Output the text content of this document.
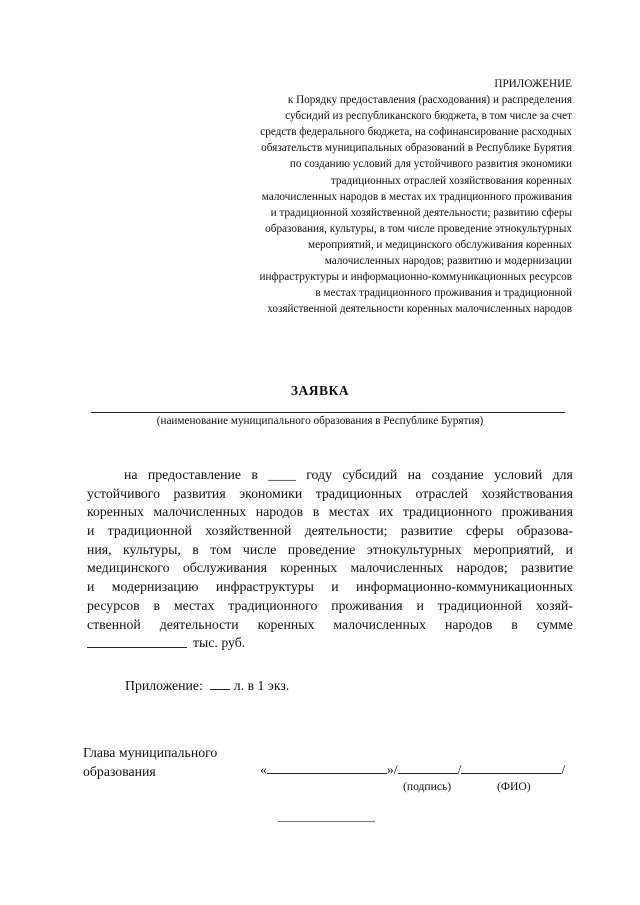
ПРИЛОЖЕНИЕ
к Порядку предоставления (расходования) и распределения
субсидий из республиканского бюджета, в том числе за счет
средств федерального бюджета, на софинансирование расходных
обязательств муниципальных образований в Республике Бурятия
по созданию условий для устойчивого развития экономики
традиционных отраслей хозяйствования коренных
малочисленных народов в местах их традиционного проживания
и традиционной хозяйственной деятельности; развитию сферы
образования, культуры, в том числе проведение этнокультурных
мероприятий, и медицинского обслуживания коренных
малочисленных народов; развитию и модернизации
инфраструктуры и информационно-коммуникационных ресурсов
в местах традиционного проживания и традиционной
хозяйственной деятельности коренных малочисленных народов
ЗАЯВКА
(наименование муниципального образования в Республике Бурятия)
на предоставление в ____ году субсидий на создание условий для
устойчивого развития экономики традиционных отраслей хозяйствования
коренных малочисленных народов в местах их традиционного проживания
и традиционной хозяйственной деятельности; развитие сферы образова-
ния, культуры, в том числе проведение этнокультурных мероприятий, и
медицинского обслуживания коренных малочисленных народов; развитие
и модернизацию инфраструктуры и информационно-коммуникационных
ресурсов в местах традиционного проживания и традиционной хозяй-
ственной деятельности коренных малочисленных народов в сумме
тыс. руб.
Приложение: л. в 1 экз.
Глава муниципального
образования	«	»/	/	/
(подпись)	(ФИО)
